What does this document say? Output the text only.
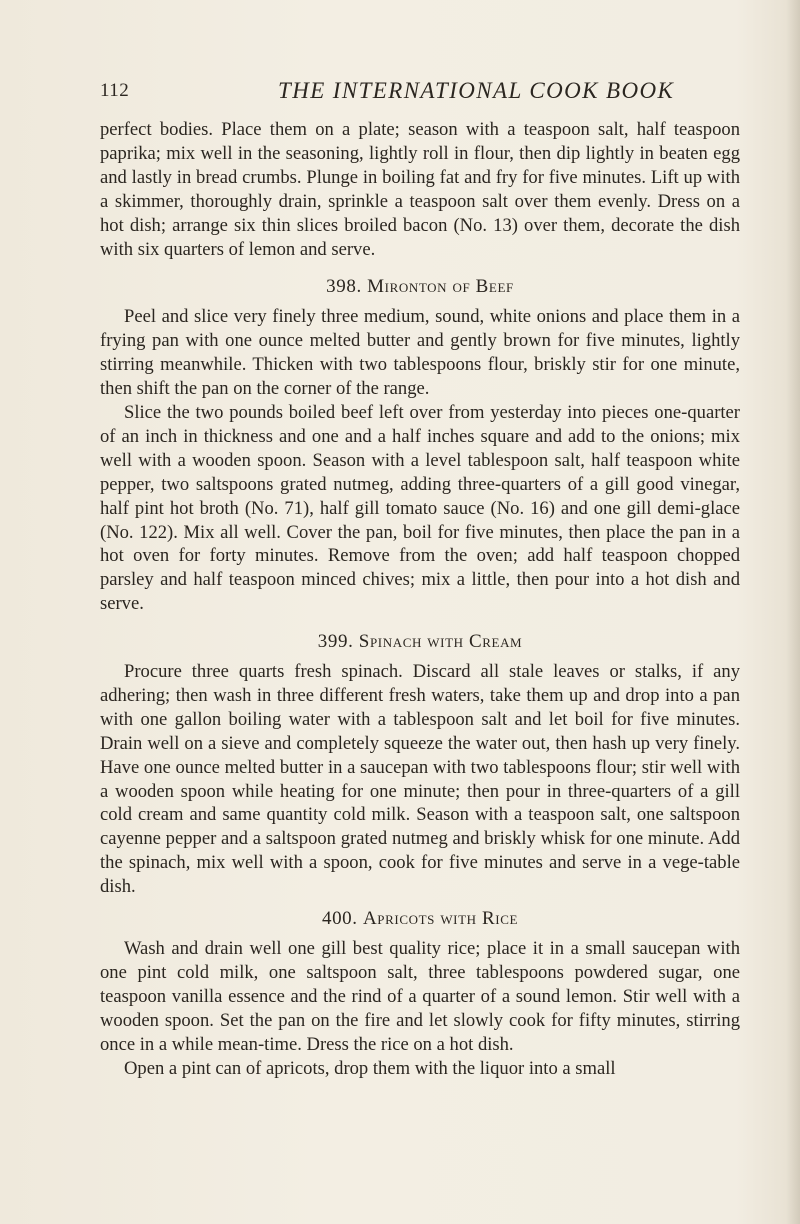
112	THE INTERNATIONAL COOK BOOK

perfect bodies. Place them on a plate; season with a teaspoon salt, half teaspoon paprika; mix well in the seasoning, lightly roll in flour, then dip lightly in beaten egg and lastly in bread crumbs. Plunge in boiling fat and fry for five minutes. Lift up with a skimmer, thoroughly drain, sprinkle a teaspoon salt over them evenly. Dress on a hot dish; arrange six thin slices broiled bacon (No. 13) over them, decorate the dish with six quarters of lemon and serve.

398. Mironton of Beef

Peel and slice very finely three medium, sound, white onions and place them in a frying pan with one ounce melted butter and gently brown for five minutes, lightly stirring meanwhile. Thicken with two tablespoons flour, briskly stir for one minute, then shift the pan on the corner of the range.

Slice the two pounds boiled beef left over from yesterday into pieces one-quarter of an inch in thickness and one and a half inches square and add to the onions; mix well with a wooden spoon. Season with a level tablespoon salt, half teaspoon white pepper, two saltspoons grated nutmeg, adding three-quarters of a gill good vinegar, half pint hot broth (No. 71), half gill tomato sauce (No. 16) and one gill demi-glace (No. 122). Mix all well. Cover the pan, boil for five minutes, then place the pan in a hot oven for forty minutes. Remove from the oven; add half teaspoon chopped parsley and half teaspoon minced chives; mix a little, then pour into a hot dish and serve.

399. Spinach with Cream

Procure three quarts fresh spinach. Discard all stale leaves or stalks, if any adhering; then wash in three different fresh waters, take them up and drop into a pan with one gallon boiling water with a tablespoon salt and let boil for five minutes. Drain well on a sieve and completely squeeze the water out, then hash up very finely. Have one ounce melted butter in a saucepan with two tablespoons flour; stir well with a wooden spoon while heating for one minute; then pour in three-quarters of a gill cold cream and same quantity cold milk. Season with a teaspoon salt, one saltspoon cayenne pepper and a saltspoon grated nutmeg and briskly whisk for one minute. Add the spinach, mix well with a spoon, cook for five minutes and serve in a vege-table dish.

400. Apricots with Rice

Wash and drain well one gill best quality rice; place it in a small saucepan with one pint cold milk, one saltspoon salt, three tablespoons powdered sugar, one teaspoon vanilla essence and the rind of a quarter of a sound lemon. Stir well with a wooden spoon. Set the pan on the fire and let slowly cook for fifty minutes, stirring once in a while mean-time. Dress the rice on a hot dish.

Open a pint can of apricots, drop them with the liquor into a small
